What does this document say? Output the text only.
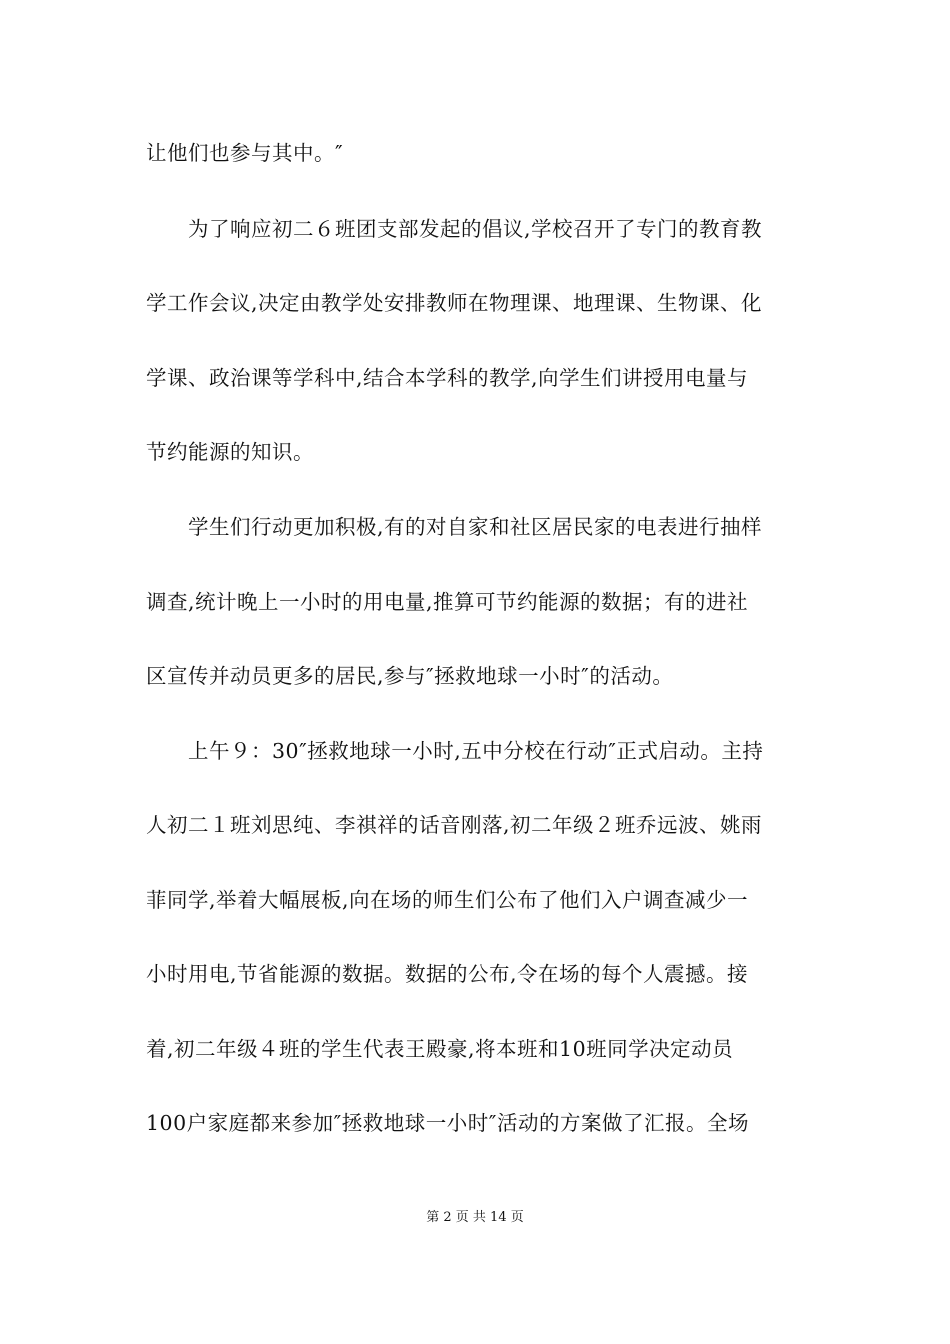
让他们也参与其中。″
　　为了响应初二６班团支部发起的倡议,学校召开了专门的教育教
学工作会议,决定由教学处安排教师在物理课、地理课、生物课、化
学课、政治课等学科中,结合本学科的教学,向学生们讲授用电量与
节约能源的知识。
　　学生们行动更加积极,有的对自家和社区居民家的电表进行抽样
调查,统计晚上一小时的用电量,推算可节约能源的数据；有的进社
区宣传并动员更多的居民,参与″拯救地球一小时″的活动。
　　上午９：30″拯救地球一小时,五中分校在行动″正式启动。主持
人初二１班刘思纯、李祺祥的话音刚落,初二年级２班乔远波、姚雨
菲同学,举着大幅展板,向在场的师生们公布了他们入户调查减少一
小时用电,节省能源的数据。数据的公布,令在场的每个人震撼。接
着,初二年级４班的学生代表王殿豪,将本班和10班同学决定动员
100户家庭都来参加″拯救地球一小时″活动的方案做了汇报。全场
第 2 页 共 14 页
